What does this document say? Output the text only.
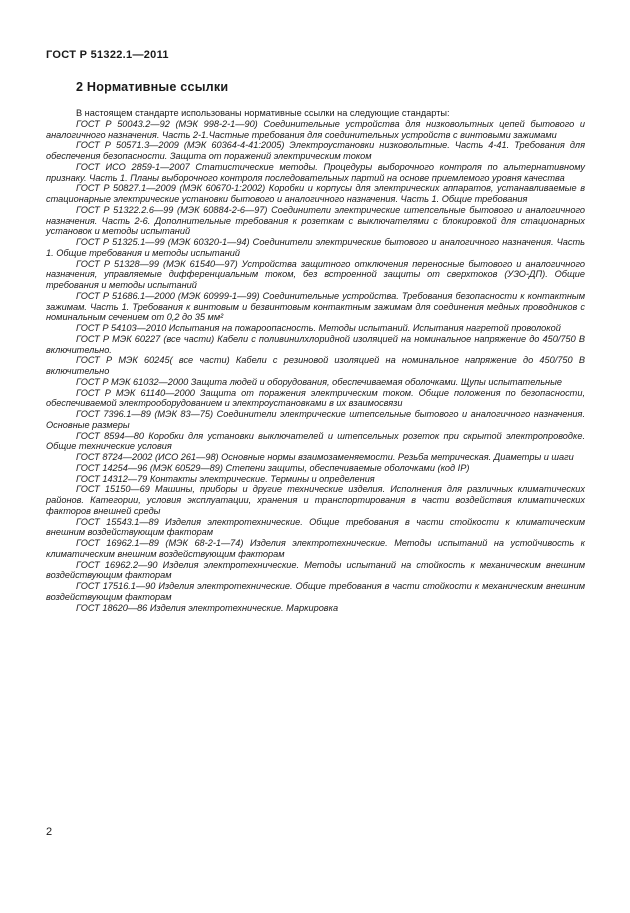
ГОСТ Р 51322.1—2011
2 Нормативные ссылки

В настоящем стандарте использованы нормативные ссылки на следующие стандарты:

ГОСТ Р 50043.2—92 (МЭК 998-2-1—90) Соединительные устройства для низковольтных цепей бытового и аналогичного назначения. Часть 2-1.Частные требования для соединительных устройств с винтовыми зажимами

ГОСТ Р 50571.3—2009 (МЭК 60364-4-41:2005) Электроустановки низковольтные. Часть 4-41. Требования для обеспечения безопасности. Защита от поражений электрическим током

ГОСТ ИСО 2859-1—2007 Статистические методы. Процедуры выборочного контроля по альтернативному признаку. Часть 1. Планы выборочного контроля последовательных партий на основе приемлемого уровня качества

ГОСТ Р 50827.1—2009 (МЭК 60670-1:2002) Коробки и корпусы для электрических аппаратов, устанавливаемые в стационарные электрические установки бытового и аналогичного назначения. Часть 1. Общие требования

ГОСТ Р 51322.2.6—99 (МЭК 60884-2-6—97) Соединители электрические штепсельные бытового и аналогичного назначения. Часть 2-6. Дополнительные требования к розеткам с выключателями с блокировкой для стационарных установок и методы испытаний

ГОСТ Р 51325.1—99 (МЭК 60320-1—94) Соединители электрические бытового и аналогичного назначения. Часть 1. Общие требования и методы испытаний

ГОСТ Р 51328—99 (МЭК 61540—97) Устройства защитного отключения переносные бытового и аналогичного назначения, управляемые дифференциальным током, без встроенной защиты от сверхтоков (УЗО-ДП). Общие требования и методы испытаний

ГОСТ Р 51686.1—2000 (МЭК 60999-1—99) Соединительные устройства. Требования безопасности к контактным зажимам. Часть 1. Требования к винтовым и безвинтовым контактным зажимам для соединения медных проводников с номинальным сечением от 0,2 до 35 мм²

ГОСТ Р 54103—2010 Испытания на пожароопасность. Методы испытаний. Испытания нагретой проволокой

ГОСТ Р МЭК 60227 (все части) Кабели с поливинилхлоридной изоляцией на номинальное напряжение до 450/750 В включительно.

ГОСТ Р МЭК 60245( все части) Кабели с резиновой изоляцией на номинальное напряжение до 450/750 В включительно

ГОСТ Р МЭК 61032—2000 Защита людей и оборудования, обеспечиваемая оболочками. Щупы испытательные

ГОСТ Р МЭК 61140—2000 Защита от поражения электрическим током. Общие положения по безопасности, обеспечиваемой электрооборудованием и электроустановками в их взаимосвязи

ГОСТ 7396.1—89 (МЭК 83—75) Соединители электрические штепсельные бытового и аналогичного назначения. Основные размеры

ГОСТ 8594—80 Коробки для установки выключателей и штепсельных розеток при скрытой электропроводке. Общие технические условия

ГОСТ 8724—2002 (ИСО 261—98) Основные нормы взаимозаменяемости. Резьба метрическая. Диаметры и шаги

ГОСТ 14254—96 (МЭК 60529—89) Степени защиты, обеспечиваемые оболочками (код IP)

ГОСТ 14312—79 Контакты электрические. Термины и определения

ГОСТ 15150—69 Машины, приборы и другие технические изделия. Исполнения для различных климатических районов. Категории, условия эксплуатации, хранения и транспортирования в части воздействия климатических факторов внешней среды

ГОСТ 15543.1—89 Изделия электротехнические. Общие требования в части стойкости к климатическим внешним воздействующим факторам

ГОСТ 16962.1—89 (МЭК 68-2-1—74) Изделия электротехнические. Методы испытаний на устойчивость к климатическим внешним воздействующим факторам

ГОСТ 16962.2—90 Изделия электротехнические. Методы испытаний на стойкость к механическим внешним воздействующим факторам

ГОСТ 17516.1—90 Изделия электротехнические. Общие требования в части стойкости к механическим внешним воздействующим факторам

ГОСТ 18620—86 Изделия электротехнические. Маркировка

2
